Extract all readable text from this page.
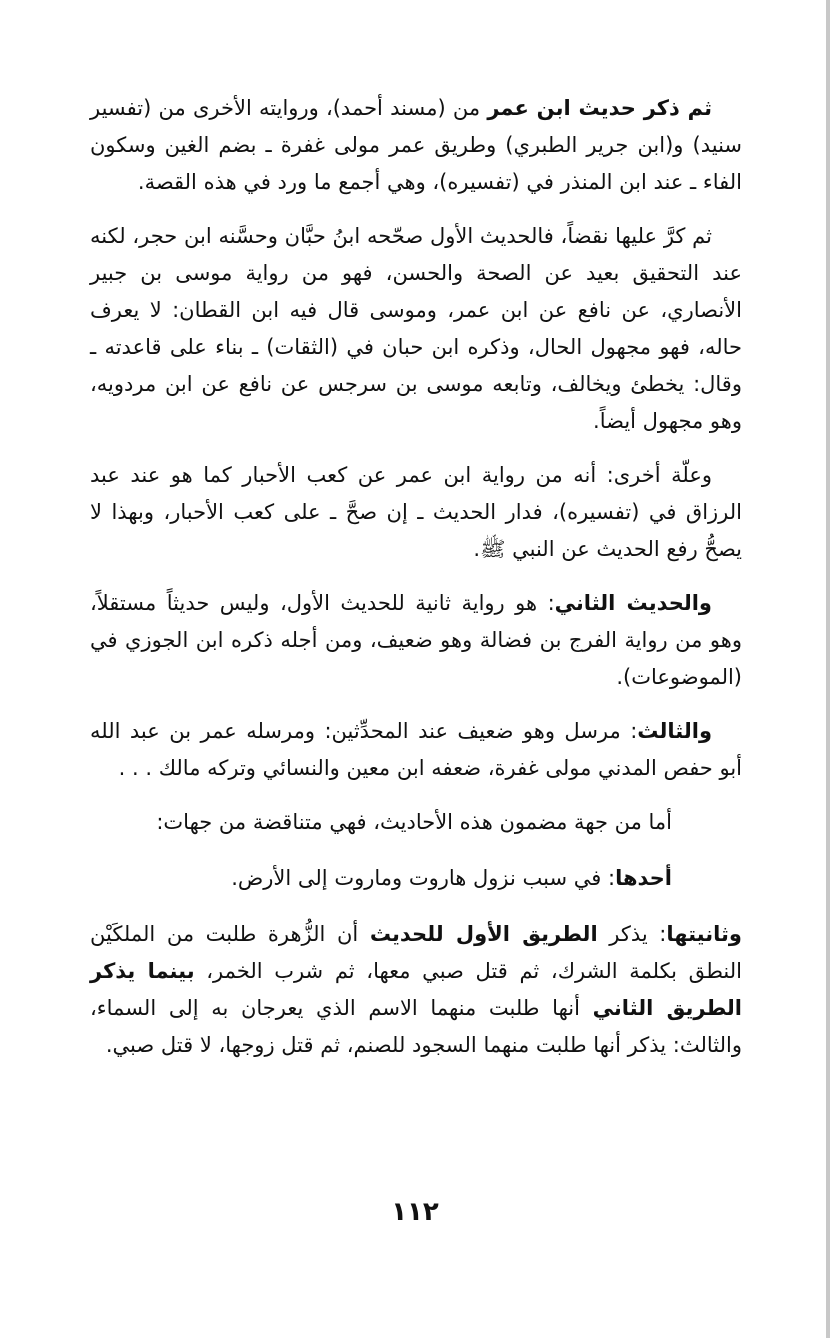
ثم ذكر حديث ابن عمر من (مسند أحمد)، وروايته الأخرى من (تفسير سنيد) و(ابن جرير الطبري) وطريق عمر مولى غفرة ـ بضم الغين وسكون الفاء ـ عند ابن المنذر في (تفسيره)، وهي أجمع ما ورد في هذه القصة.

ثم كرَّ عليها نقضاً، فالحديث الأول صحّحه ابنُ حبَّان وحسَّنه ابن حجر، لكنه عند التحقيق بعيد عن الصحة والحسن، فهو من رواية موسى بن جبير الأنصاري، عن نافع عن ابن عمر، وموسى قال فيه ابن القطان: لا يعرف حاله، فهو مجهول الحال، وذكره ابن حبان في (الثقات) ـ بناء على قاعدته ـ وقال: يخطئ ويخالف، وتابعه موسى بن سرجس عن نافع عن ابن مردويه، وهو مجهول أيضاً.

وعلّة أخرى: أنه من رواية ابن عمر عن كعب الأحبار كما هو عند عبد الرزاق في (تفسيره)، فدار الحديث ـ إن صحَّ ـ على كعب الأحبار، وبهذا لا يصحُّ رفع الحديث عن النبي ﷺ.

والحديث الثاني: هو رواية ثانية للحديث الأول، وليس حديثاً مستقلاً، وهو من رواية الفرج بن فضالة وهو ضعيف، ومن أجله ذكره ابن الجوزي في (الموضوعات).

والثالث: مرسل وهو ضعيف عند المحدِّثين: ومرسله عمر بن عبد الله أبو حفص المدني مولى غفرة، ضعفه ابن معين والنسائي وتركه مالك . . .

أما من جهة مضمون هذه الأحاديث، فهي متناقضة من جهات:

أحدها: في سبب نزول هاروت وماروت إلى الأرض.

وثانيتها: يذكر الطريق الأول للحديث أن الزُّهرة طلبت من الملكَيْن النطق بكلمة الشرك، ثم قتل صبي معها، ثم شرب الخمر، بينما يذكر الطريق الثاني أنها طلبت منهما الاسم الذي يعرجان به إلى السماء، والثالث: يذكر أنها طلبت منهما السجود للصنم، ثم قتل زوجها، لا قتل صبي.

١١٢
